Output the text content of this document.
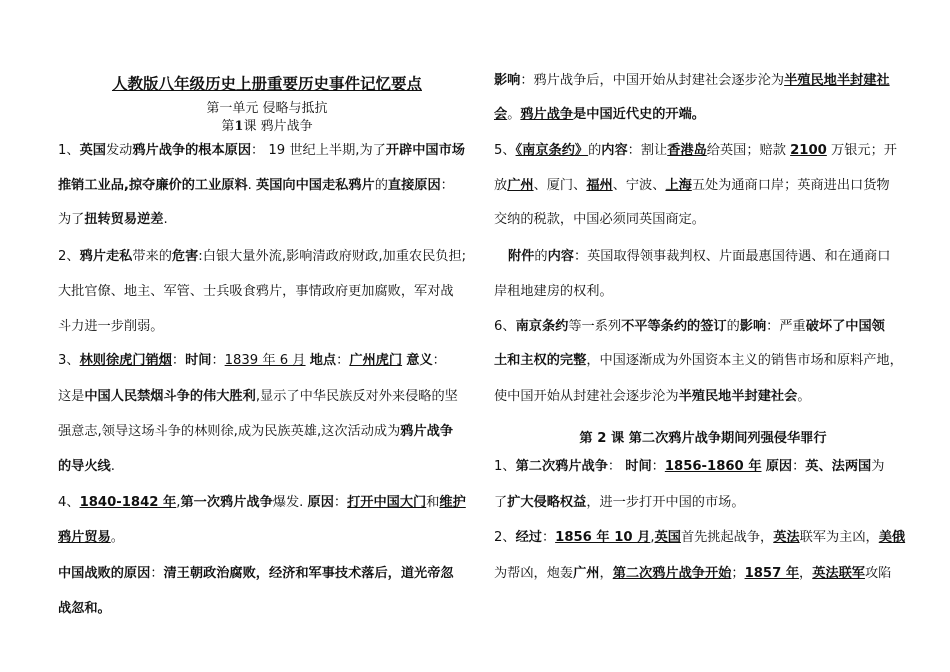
人教版八年级历史上册重要历史事件记忆要点
第一单元 侵略与抵抗
第1课 鸦片战争
1、英国发动鸦片战争的根本原因： 19 世纪上半期,为了开辟中国市场
推销工业品,掠夺廉价的工业原料. 英国向中国走私鸦片的直接原因：
为了扭转贸易逆差.
2、鸦片走私带来的危害:白银大量外流,影响清政府财政,加重农民负担;
大批官僚、地主、军管、士兵吸食鸦片，事情政府更加腐败，军对战
斗力进一步削弱。
3、林则徐虎门销烟：时间：1839 年 6 月 地点：广州虎门 意义：
这是中国人民禁烟斗争的伟大胜利,显示了中华民族反对外来侵略的坚
强意志,领导这场斗争的林则徐,成为民族英雄,这次活动成为鸦片战争
的导火线.
4、1840-1842 年,第一次鸦片战争爆发. 原因：打开中国大门和维护
鸦片贸易。
中国战败的原因：清王朝政治腐败，经济和军事技术落后，道光帝忽
战忽和。
影响：鸦片战争后，中国开始从封建社会逐步沦为半殖民地半封建社
会。鸦片战争是中国近代史的开端。
5、《南京条约》的内容：割让香港岛给英国；赔款 2100 万银元；开
放广州、厦门、福州、宁波、上海五处为通商口岸；英商进出口货物
交纳的税款，中国必须同英国商定。
附件的内容：英国取得领事裁判权、片面最惠国待遇、和在通商口
岸租地建房的权利。
6、南京条约等一系列不平等条约的签订的影响：严重破坏了中国领
土和主权的完整，中国逐渐成为外国资本主义的销售市场和原料产地，
使中国开始从封建社会逐步沦为半殖民地半封建社会。
第 2 课 第二次鸦片战争期间列强侵华罪行
1、第二次鸦片战争： 时间：1856-1860 年 原因：英、法两国为
了扩大侵略权益，进一步打开中国的市场。
2、经过：1856 年 10 月,英国首先挑起战争，英法联军为主凶，美俄
为帮凶，炮轰广州，第二次鸦片战争开始；1857 年，英法联军攻陷
